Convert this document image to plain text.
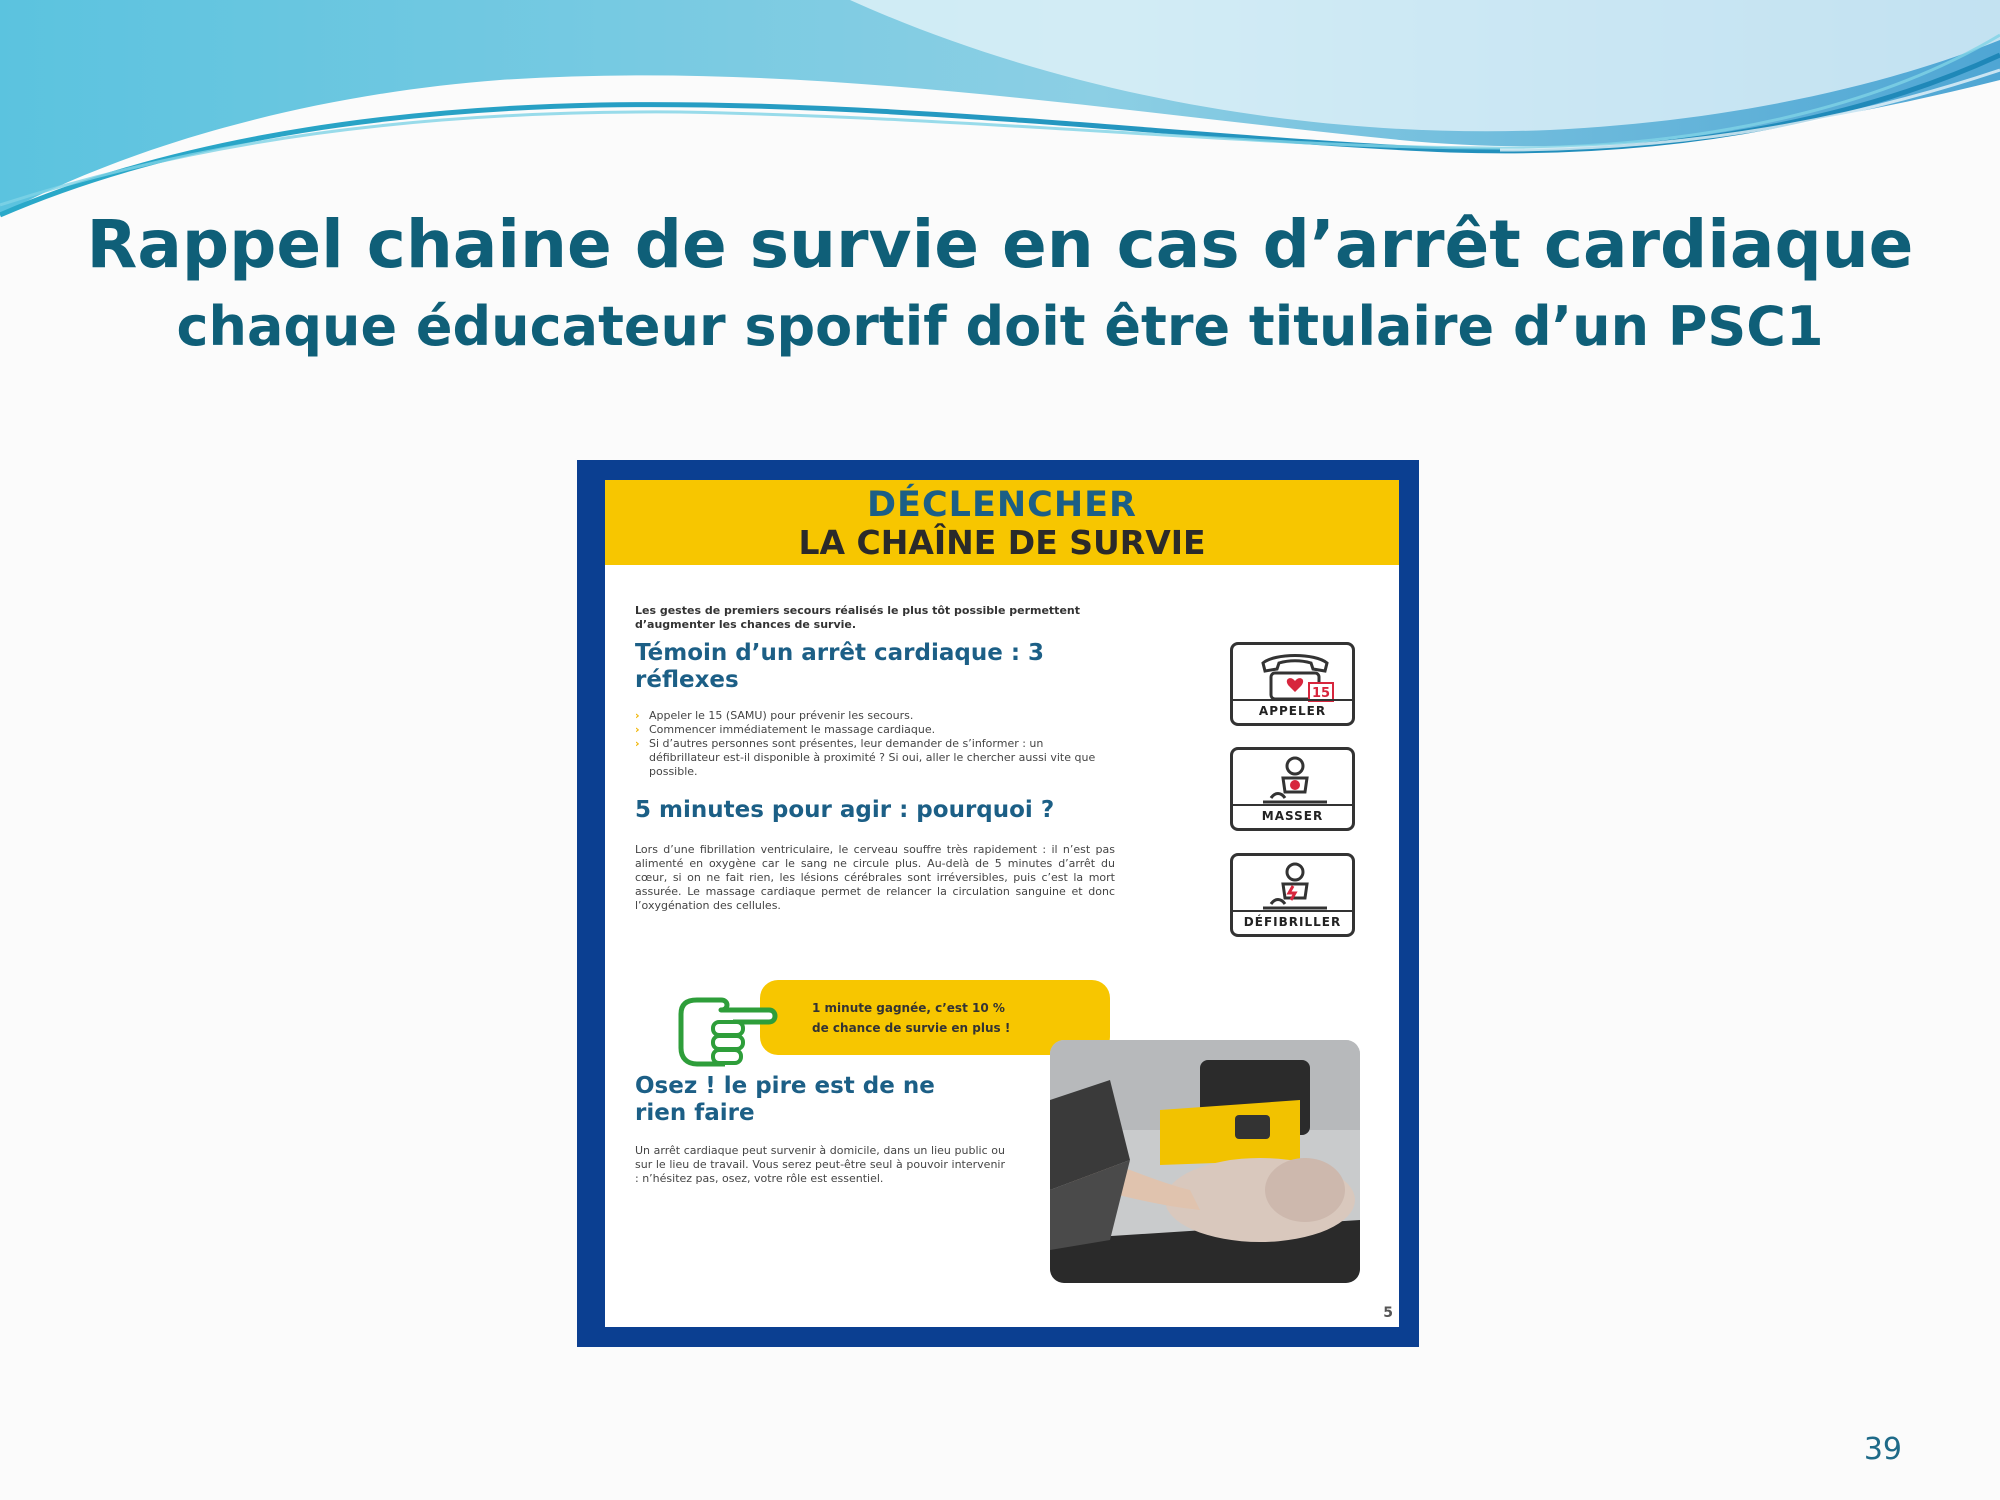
Rappel chaine de survie en cas d’arrêt cardiaque
chaque éducateur sportif doit être titulaire d’un PSC1
DÉCLENCHER
LA CHAÎNE DE SURVIE

Les gestes de premiers secours réalisés le plus tôt possible permettent d’augmenter les chances de survie.

Témoin d’un arrêt cardiaque : 3 réflexes
› Appeler le 15 (SAMU) pour prévenir les secours.
› Commencer immédiatement le massage cardiaque.
› Si d’autres personnes sont présentes, leur demander de s’informer : un défibrillateur est-il disponible à proximité ? Si oui, aller le chercher aussi vite que possible.
5 minutes pour agir : pourquoi ?

Lors d’une fibrillation ventriculaire, le cerveau souffre très rapidement : il n’est pas alimenté en oxygène car le sang ne circule plus. Au-delà de 5 minutes d’arrêt du cœur, si on ne fait rien, les lésions cérébrales sont irréversibles, puis c’est la mort assurée. Le massage cardiaque permet de relancer la circulation sanguine et donc l’oxygénation des cellules.

15
APPELER
MASSER
DÉFIBRILLER
1 minute gagnée, c’est 10 %
de chance de survie en plus !
Osez ! le pire est de ne rien faire

Un arrêt cardiaque peut survenir à domicile, dans un lieu public ou sur le lieu de travail. Vous serez peut-être seul à pouvoir intervenir : n’hésitez pas, osez, votre rôle est essentiel.

5
39
